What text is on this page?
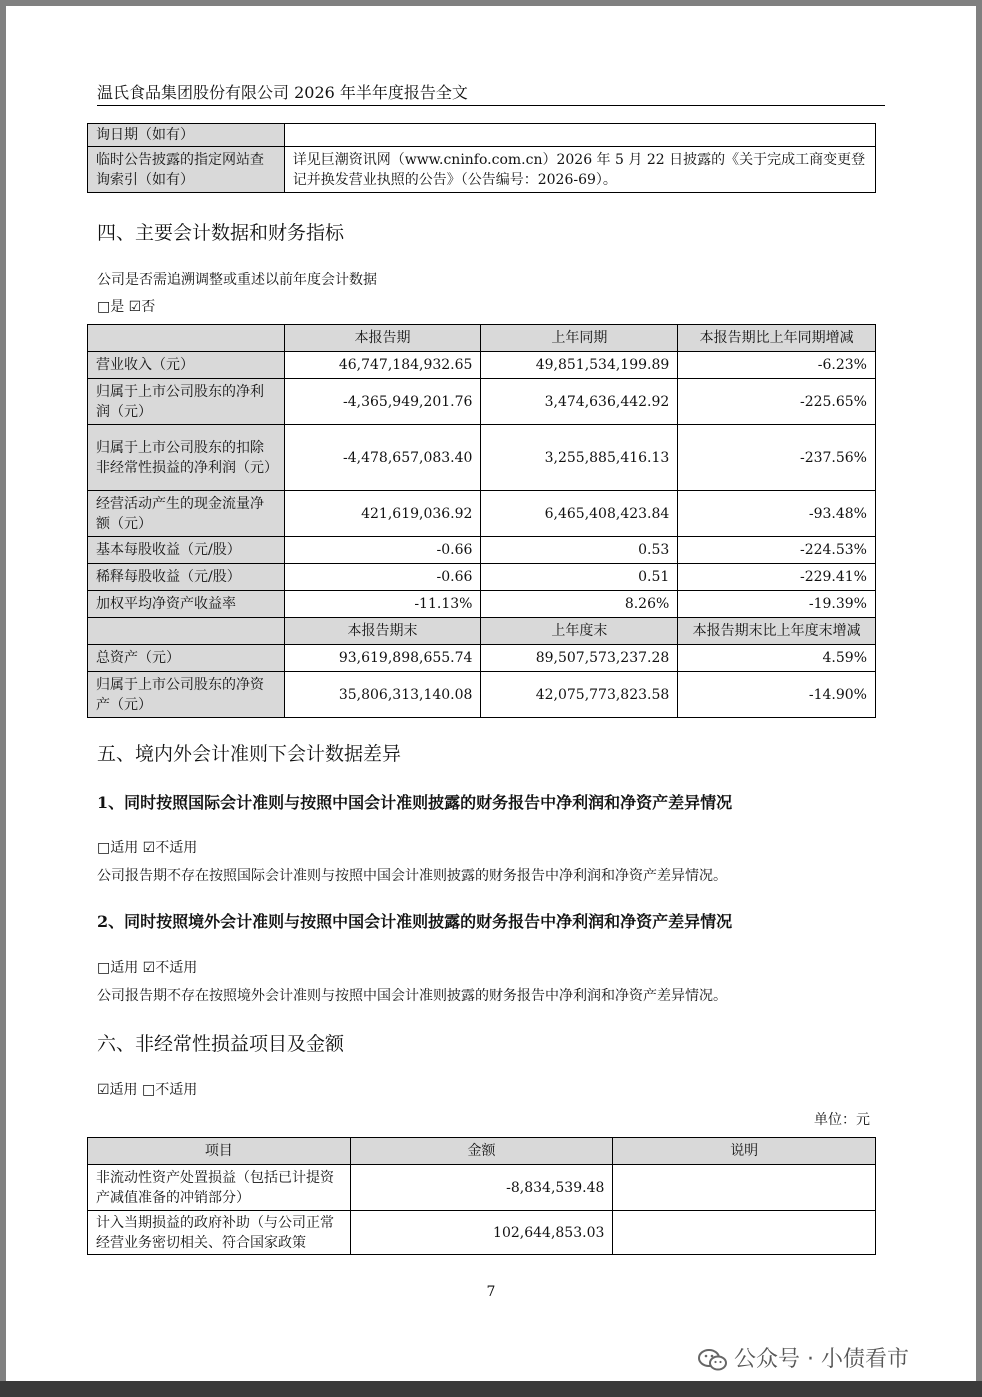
温氏食品集团股份有限公司 2026 年半年度报告全文
询日期（如有）	
临时公告披露的指定网站查询索引（如有）	详见巨潮资讯网（www.cninfo.com.cn）2026 年 5 月 22 日披露的《关于完成工商变更登记并换发营业执照的公告》（公告编号：2026-69）。
四、主要会计数据和财务指标
公司是否需追溯调整或重述以前年度会计数据
□是 ☑否
	本报告期	上年同期	本报告期比上年同期增减
营业收入（元）	46,747,184,932.65	49,851,534,199.89	-6.23%
归属于上市公司股东的净利润（元）	-4,365,949,201.76	3,474,636,442.92	-225.65%
归属于上市公司股东的扣除非经常性损益的净利润（元）	-4,478,657,083.40	3,255,885,416.13	-237.56%
经营活动产生的现金流量净额（元）	421,619,036.92	6,465,408,423.84	-93.48%
基本每股收益（元/股）	-0.66	0.53	-224.53%
稀释每股收益（元/股）	-0.66	0.51	-229.41%
加权平均净资产收益率	-11.13%	8.26%	-19.39%
	本报告期末	上年度末	本报告期末比上年度末增减
总资产（元）	93,619,898,655.74	89,507,573,237.28	4.59%
归属于上市公司股东的净资产（元）	35,806,313,140.08	42,075,773,823.58	-14.90%
五、境内外会计准则下会计数据差异
1、同时按照国际会计准则与按照中国会计准则披露的财务报告中净利润和净资产差异情况
□适用 ☑不适用
公司报告期不存在按照国际会计准则与按照中国会计准则披露的财务报告中净利润和净资产差异情况。
2、同时按照境外会计准则与按照中国会计准则披露的财务报告中净利润和净资产差异情况
□适用 ☑不适用
公司报告期不存在按照境外会计准则与按照中国会计准则披露的财务报告中净利润和净资产差异情况。
六、非经常性损益项目及金额
☑适用 □不适用
单位：元
项目	金额	说明
非流动性资产处置损益（包括已计提资产减值准备的冲销部分）	-8,834,539.48	
计入当期损益的政府补助（与公司正常经营业务密切相关、符合国家政策	102,644,853.03	
7
公众号 · 小债看市
